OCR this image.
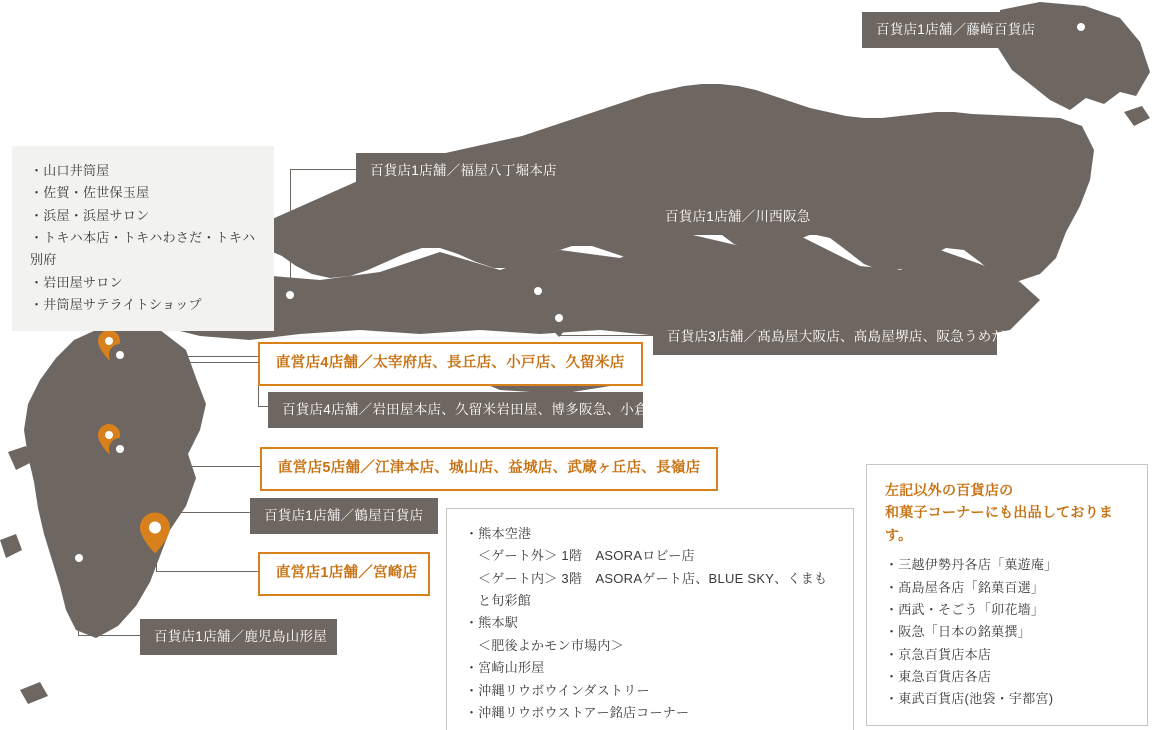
百貨店1店舗／藤崎百貨店
百貨店1店舗／福屋八丁堀本店
百貨店1店舗／川西阪急
百貨店3店舗／髙島屋大阪店、髙島屋堺店、阪急うめだ本店
直営店4店舗／太宰府店、長丘店、小戸店、久留米店
百貨店4店舗／岩田屋本店、久留米岩田屋、博多阪急、小倉井筒屋
直営店5店舗／江津本店、城山店、益城店、武蔵ヶ丘店、長嶺店
百貨店1店舗／鶴屋百貨店
直営店1店舗／宮崎店
百貨店1店舗／鹿児島山形屋
・山口井筒屋
・佐賀・佐世保玉屋
・浜屋・浜屋サロン
・トキハ本店・トキハわさだ・トキハ別府
・岩田屋サロン
・井筒屋サテライトショップ
・熊本空港
＜ゲート外＞ 1階　ASORAロビー店
＜ゲート内＞ 3階　ASORAゲート店、BLUE SKY、くまもと旬彩館
・熊本駅
＜肥後よかモン市場内＞
・宮崎山形屋
・沖縄リウボウインダストリー
・沖縄リウボウストアー銘店コーナー
左記以外の百貨店の
和菓子コーナーにも出品しております。
・三越伊勢丹各店「菓遊庵」
・髙島屋各店「銘菓百選」
・西武・そごう「卯花墻」
・阪急「日本の銘菓撰」
・京急百貨店本店
・東急百貨店各店
・東武百貨店(池袋・宇都宮)
